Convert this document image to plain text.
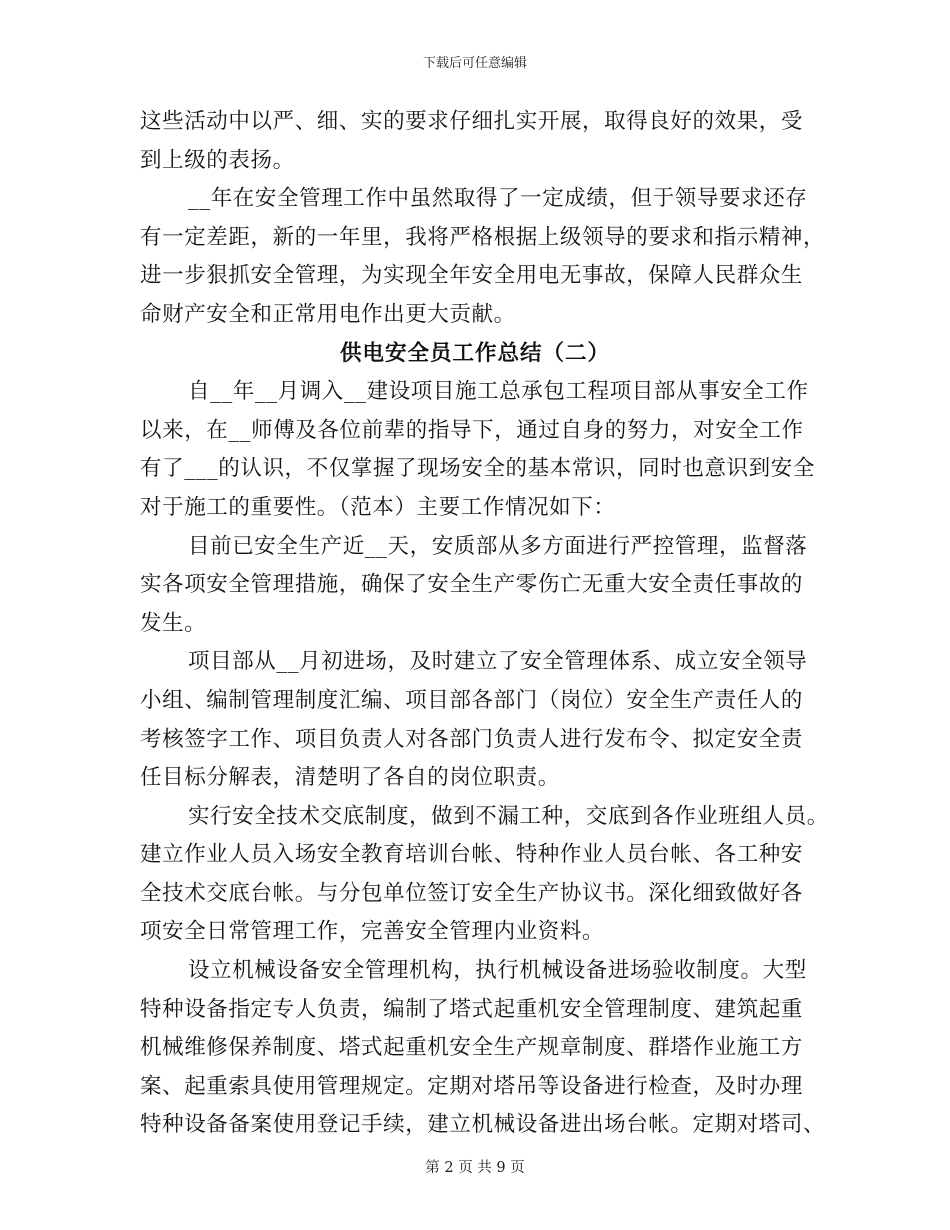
下载后可任意编辑
这些活动中以严、细、实的要求仔细扎实开展，取得良好的效果，受
到上级的表扬。
__年在安全管理工作中虽然取得了一定成绩，但于领导要求还存
有一定差距，新的一年里，我将严格根据上级领导的要求和指示精神，
进一步狠抓安全管理，为实现全年安全用电无事故，保障人民群众生
命财产安全和正常用电作出更大贡献。
供电安全员工作总结（二）
自__年__月调入__建设项目施工总承包工程项目部从事安全工作
以来，在__师傅及各位前辈的指导下，通过自身的努力，对安全工作
有了___的认识，不仅掌握了现场安全的基本常识，同时也意识到安全
对于施工的重要性。（范本）主要工作情况如下：
目前已安全生产近__天，安质部从多方面进行严控管理，监督落
实各项安全管理措施，确保了安全生产零伤亡无重大安全责任事故的
发生。
项目部从__月初进场，及时建立了安全管理体系、成立安全领导
小组、编制管理制度汇编、项目部各部门（岗位）安全生产责任人的
考核签字工作、项目负责人对各部门负责人进行发布令、拟定安全责
任目标分解表，清楚明了各自的岗位职责。
实行安全技术交底制度，做到不漏工种，交底到各作业班组人员。
建立作业人员入场安全教育培训台帐、特种作业人员台帐、各工种安
全技术交底台帐。与分包单位签订安全生产协议书。深化细致做好各
项安全日常管理工作，完善安全管理内业资料。
设立机械设备安全管理机构，执行机械设备进场验收制度。大型
特种设备指定专人负责，编制了塔式起重机安全管理制度、建筑起重
机械维修保养制度、塔式起重机安全生产规章制度、群塔作业施工方
案、起重索具使用管理规定。定期对塔吊等设备进行检查，及时办理
特种设备备案使用登记手续，建立机械设备进出场台帐。定期对塔司、
第 2 页 共 9 页
